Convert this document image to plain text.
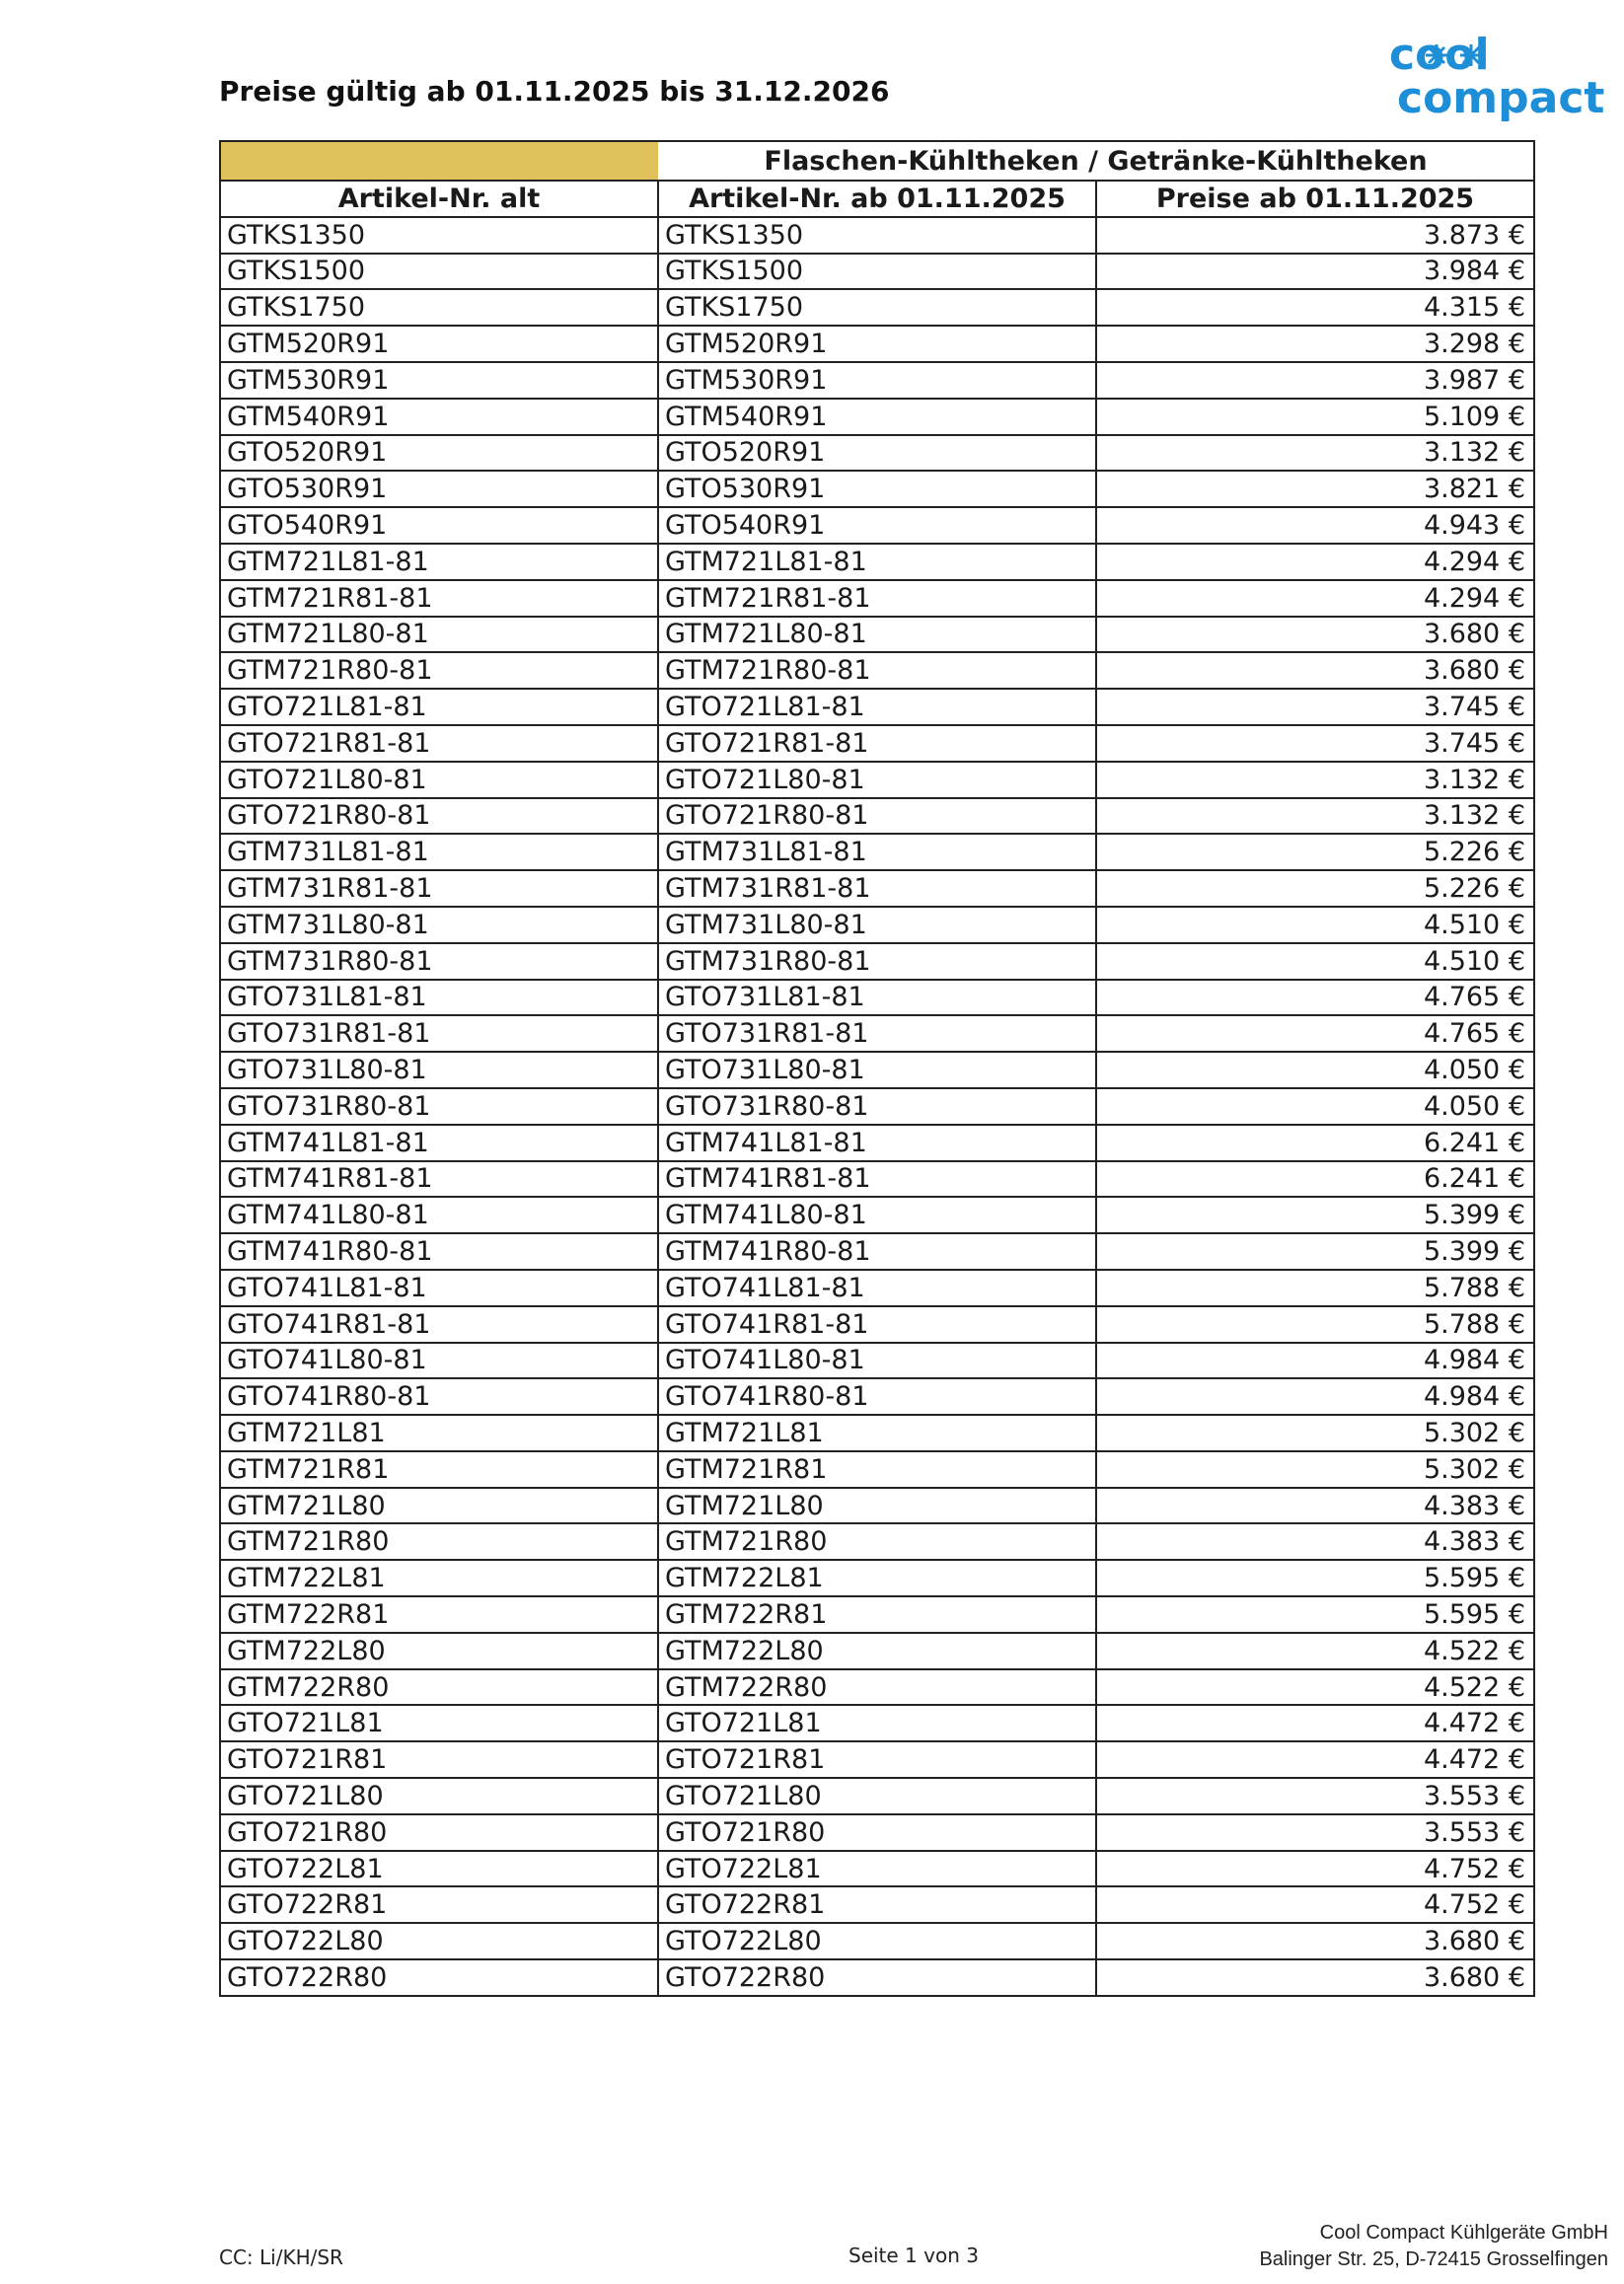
Preise gültig ab 01.11.2025 bis 31.12.2026
cool
compact
	Flaschen-Kühltheken / Getränke-Kühltheken	
Artikel-Nr. alt	Artikel-Nr. ab 01.11.2025	Preise ab 01.11.2025
GTKS1350	GTKS1350	3.873 €
GTKS1500	GTKS1500	3.984 €
GTKS1750	GTKS1750	4.315 €
GTM520R91	GTM520R91	3.298 €
GTM530R91	GTM530R91	3.987 €
GTM540R91	GTM540R91	5.109 €
GTO520R91	GTO520R91	3.132 €
GTO530R91	GTO530R91	3.821 €
GTO540R91	GTO540R91	4.943 €
GTM721L81-81	GTM721L81-81	4.294 €
GTM721R81-81	GTM721R81-81	4.294 €
GTM721L80-81	GTM721L80-81	3.680 €
GTM721R80-81	GTM721R80-81	3.680 €
GTO721L81-81	GTO721L81-81	3.745 €
GTO721R81-81	GTO721R81-81	3.745 €
GTO721L80-81	GTO721L80-81	3.132 €
GTO721R80-81	GTO721R80-81	3.132 €
GTM731L81-81	GTM731L81-81	5.226 €
GTM731R81-81	GTM731R81-81	5.226 €
GTM731L80-81	GTM731L80-81	4.510 €
GTM731R80-81	GTM731R80-81	4.510 €
GTO731L81-81	GTO731L81-81	4.765 €
GTO731R81-81	GTO731R81-81	4.765 €
GTO731L80-81	GTO731L80-81	4.050 €
GTO731R80-81	GTO731R80-81	4.050 €
GTM741L81-81	GTM741L81-81	6.241 €
GTM741R81-81	GTM741R81-81	6.241 €
GTM741L80-81	GTM741L80-81	5.399 €
GTM741R80-81	GTM741R80-81	5.399 €
GTO741L81-81	GTO741L81-81	5.788 €
GTO741R81-81	GTO741R81-81	5.788 €
GTO741L80-81	GTO741L80-81	4.984 €
GTO741R80-81	GTO741R80-81	4.984 €
GTM721L81	GTM721L81	5.302 €
GTM721R81	GTM721R81	5.302 €
GTM721L80	GTM721L80	4.383 €
GTM721R80	GTM721R80	4.383 €
GTM722L81	GTM722L81	5.595 €
GTM722R81	GTM722R81	5.595 €
GTM722L80	GTM722L80	4.522 €
GTM722R80	GTM722R80	4.522 €
GTO721L81	GTO721L81	4.472 €
GTO721R81	GTO721R81	4.472 €
GTO721L80	GTO721L80	3.553 €
GTO721R80	GTO721R80	3.553 €
GTO722L81	GTO722L81	4.752 €
GTO722R81	GTO722R81	4.752 €
GTO722L80	GTO722L80	3.680 €
GTO722R80	GTO722R80	3.680 €
CC: Li/KH/SR	Seite 1 von 3
Cool Compact Kühlgeräte GmbH
Balinger Str. 25, D-72415 Grosselfingen
